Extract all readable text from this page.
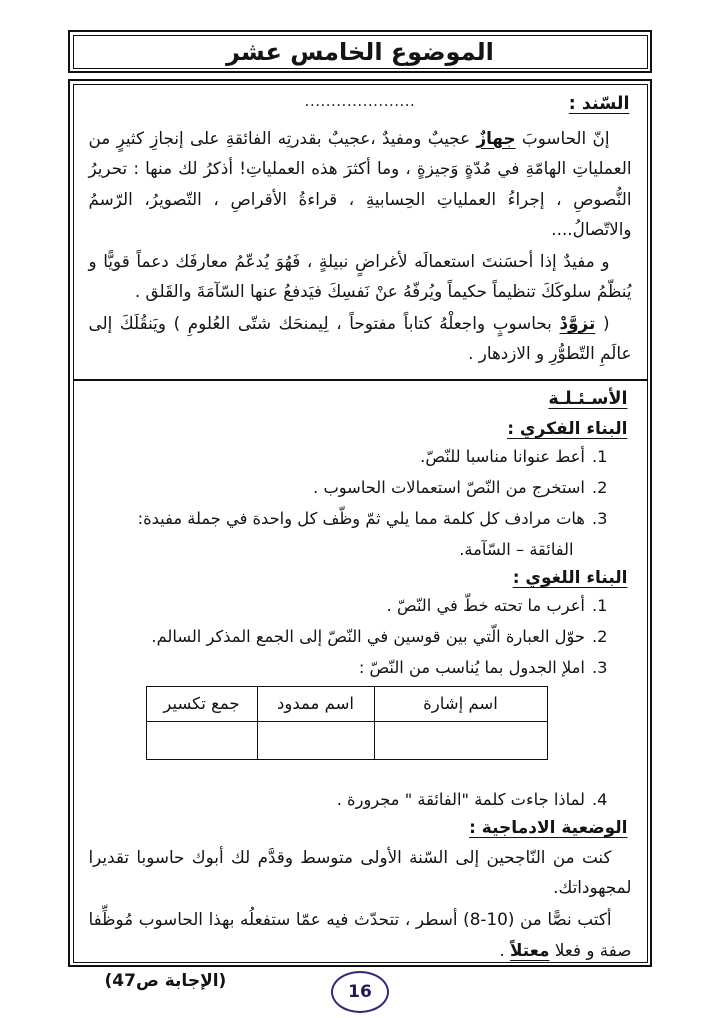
الموضوع الخامس عشر
السّند :
.....................

إنّ الحاسوبَ جهازٌ عجيبٌ ومفيدٌ ،عجيبٌ بقدرتِه الفائقةِ على إنجازِ كثيرٍ من العملياتِ الهامّةِ في مُدّةٍ وَجيزةٍ ، وما أكثرَ هذه العملياتِ! أذكرُ لك منها : تحريرُ النُّصوصِ ، إجراءُ العملياتِ الحِسابيةِ ، قراءةُ الأقراصِ ، التّصويرُ، الرّسمُ والاتّصالُ....

و مفيدٌ إذا أحسَنتَ استعمالَه لأغراضٍ نبيلةٍ ، فَهُوَ يُدعّمُ معارفَك دعماً قويًّا و يُنظّمُ سلوكَكَ تنظيماً حكيماً ويُرفّهُ عنْ نَفسِكَ فيَدفعُ عنها السّآمَةَ والقَلق .

( تزوَّدْ بحاسوبٍ واجعلْهُ كتاباً مفتوحاً ، لِيمنحَك شتّى العُلومِ ) ويَنقُلَكَ إلى عالَمِ التّطوُّرِ و الازدهار .

الأسـئـلـة
البناء الفكري :
1.أعط عنوانا مناسبا للنّصّ.
2.استخرج من النّصّ استعمالات الحاسوب .
3.هات مرادف كل كلمة مما يلي ثمّ وظّف كل واحدة في جملة مفيدة:
الفائقة – السّآمة.
البناء اللغوي :
1.أعرب ما تحته خطّ في النّصّ .
2.حوّل العبارة الّتي بين قوسين في النّصّ إلى الجمع المذكر السالم.
3.املإ الجدول بما يُناسب من النّصّ :
اسم إشارة	اسم ممدود	جمع تكسير

4.لماذا جاءت كلمة "الفائقة " مجرورة .
الوضعية الادماجية :

كنت من النّاجحين إلى السّنة الأولى متوسط وقدَّم لك أبوك حاسوبا تقديرا لمجهوداتك.

أكتب نصًّا من (10-8) أسطر ، تتحدّث فيه عمّا ستفعلُه بهذا الحاسوب مُوظِّفا صفة و فعلا معتلاً .

(الإجابة ص47)
16
